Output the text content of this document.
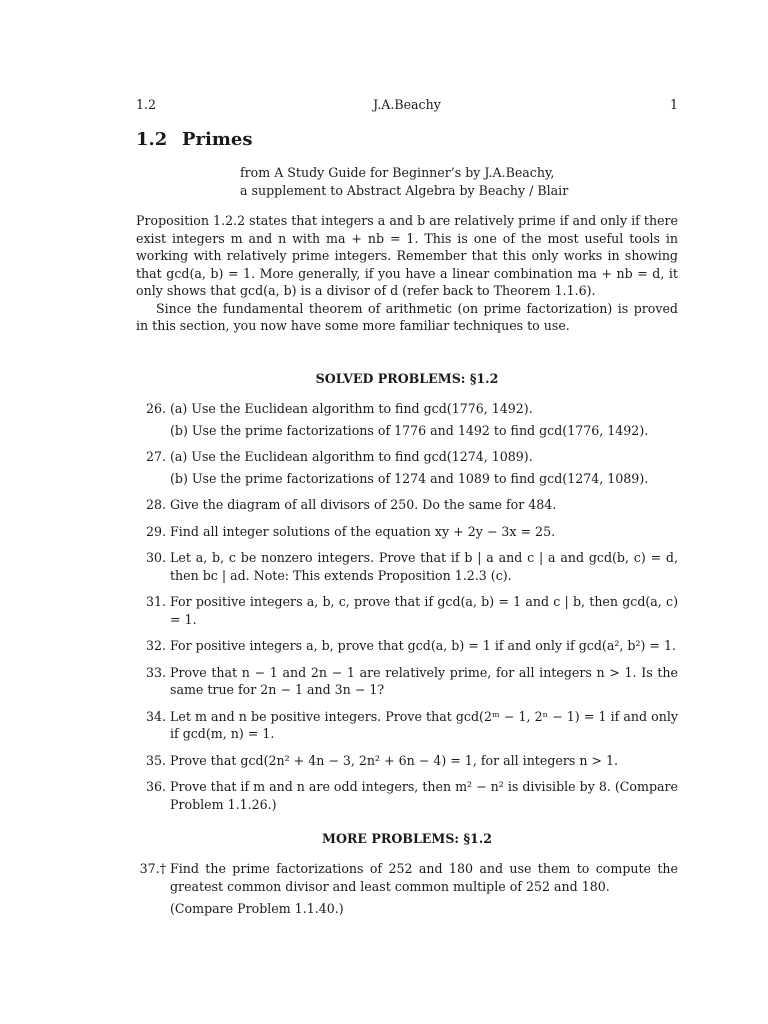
1.2	J.A.Beachy	1
1.2 Primes
from A Study Guide for Beginner’s by J.A.Beachy,
a supplement to Abstract Algebra by Beachy / Blair

Proposition 1.2.2 states that integers a and b are relatively prime if and only if there exist integers m and n with ma + nb = 1. This is one of the most useful tools in working with relatively prime integers. Remember that this only works in showing that gcd(a, b) = 1. More generally, if you have a linear combination ma + nb = d, it only shows that gcd(a, b) is a divisor of d (refer back to Theorem 1.1.6).

Since the fundamental theorem of arithmetic (on prime factorization) is proved in this section, you now have some more familiar techniques to use.

SOLVED PROBLEMS: §1.2
26. (a) Use the Euclidean algorithm to find gcd(1776, 1492).
(b) Use the prime factorizations of 1776 and 1492 to find gcd(1776, 1492).
27. (a) Use the Euclidean algorithm to find gcd(1274, 1089).
(b) Use the prime factorizations of 1274 and 1089 to find gcd(1274, 1089).
28. Give the diagram of all divisors of 250. Do the same for 484.
29. Find all integer solutions of the equation xy + 2y − 3x = 25.
30. Let a, b, c be nonzero integers. Prove that if b | a and c | a and gcd(b, c) = d, then bc | ad. Note: This extends Proposition 1.2.3 (c).
31. For positive integers a, b, c, prove that if gcd(a, b) = 1 and c | b, then gcd(a, c) = 1.
32. For positive integers a, b, prove that gcd(a, b) = 1 if and only if gcd(a², b²) = 1.
33. Prove that n − 1 and 2n − 1 are relatively prime, for all integers n > 1. Is the same true for 2n − 1 and 3n − 1?
34. Let m and n be positive integers. Prove that gcd(2ᵐ − 1, 2ⁿ − 1) = 1 if and only if gcd(m, n) = 1.
35. Prove that gcd(2n² + 4n − 3, 2n² + 6n − 4) = 1, for all integers n > 1.
36. Prove that if m and n are odd integers, then m² − n² is divisible by 8. (Compare Problem 1.1.26.)
MORE PROBLEMS: §1.2
37.† Find the prime factorizations of 252 and 180 and use them to compute the greatest common divisor and least common multiple of 252 and 180.
(Compare Problem 1.1.40.)
